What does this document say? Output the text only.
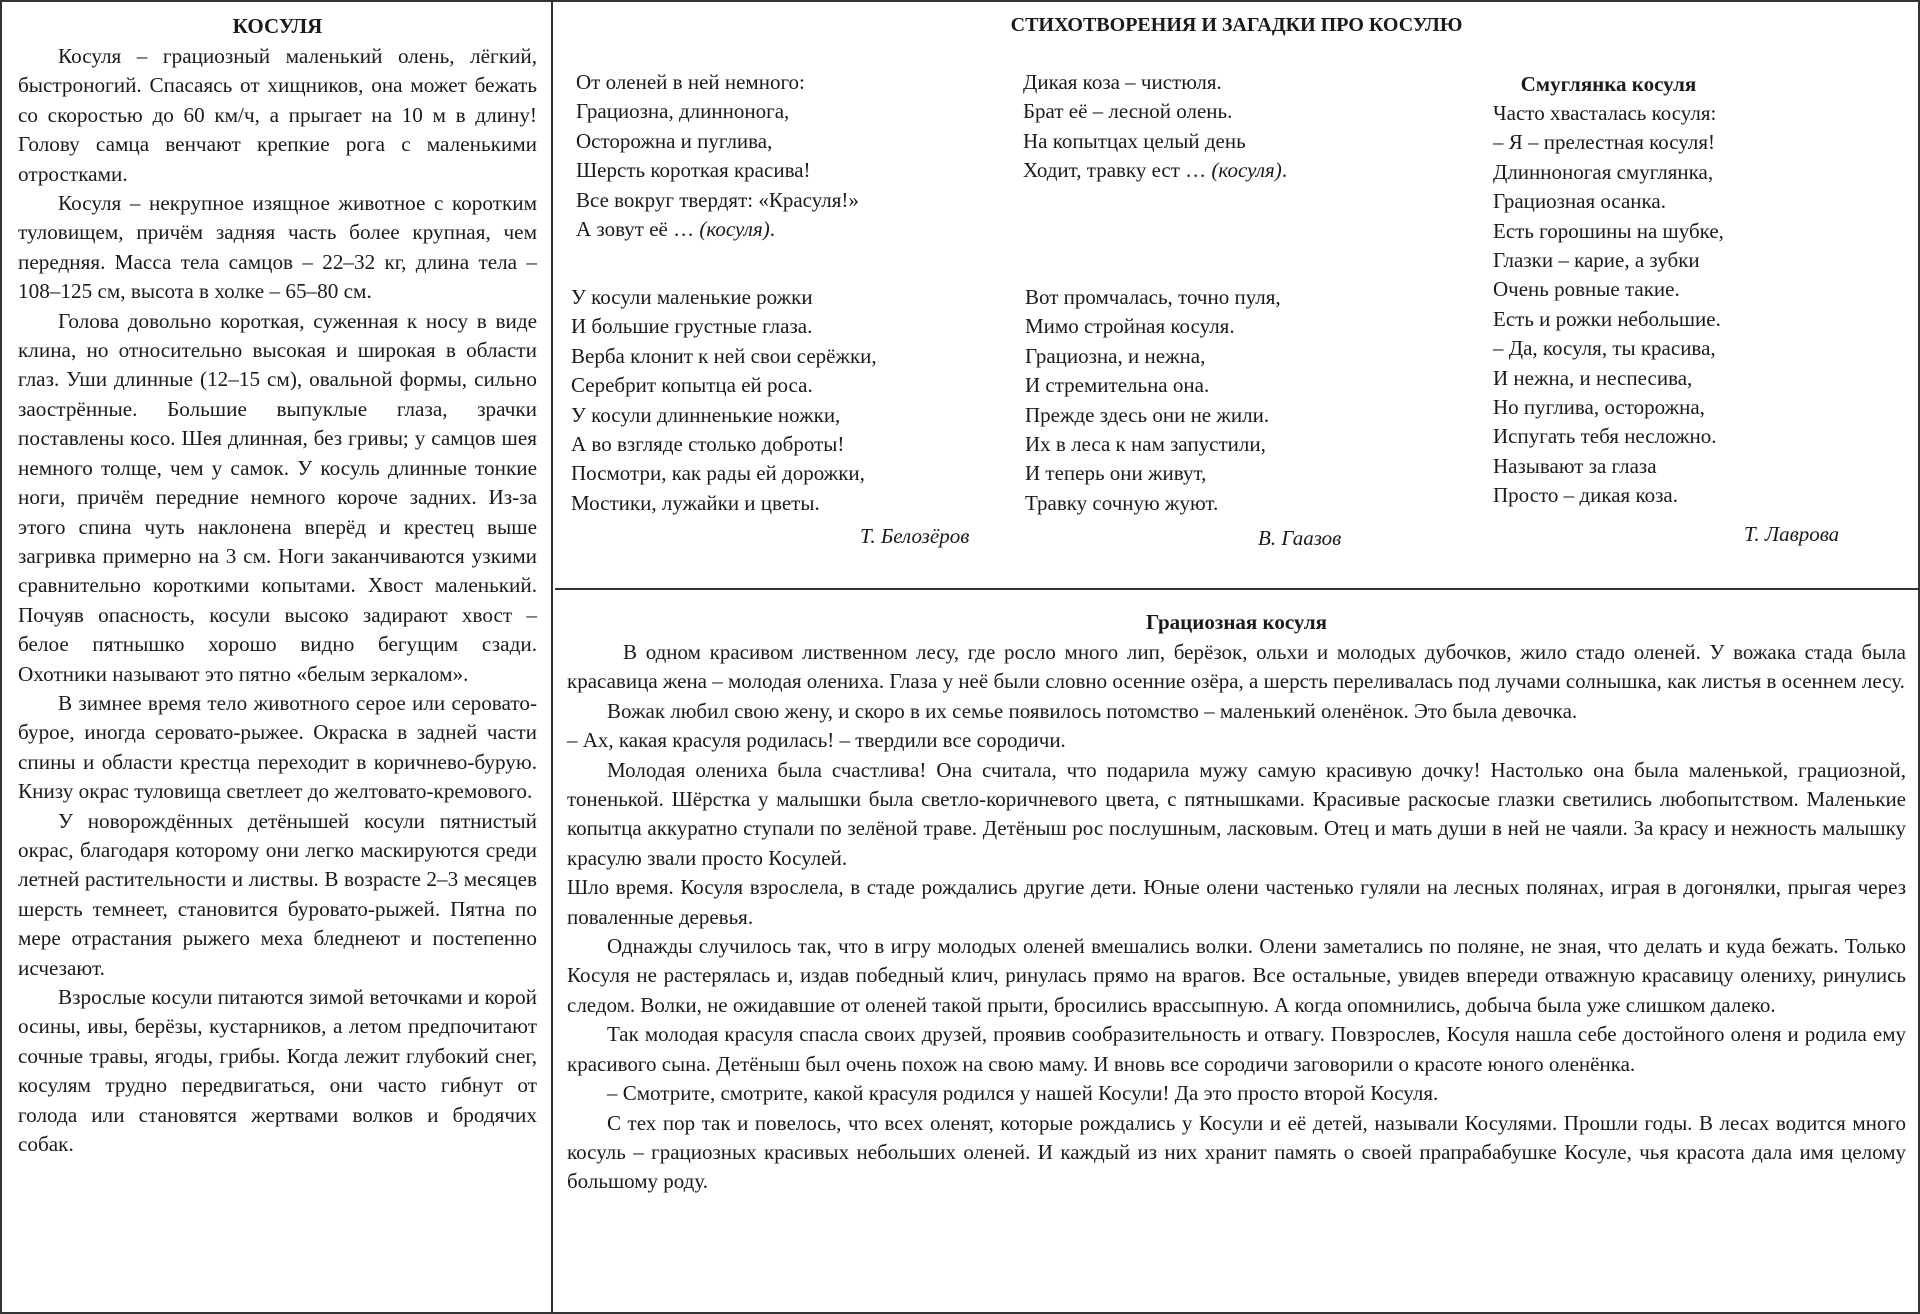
КОСУЛЯ

Косуля – грациозный маленький олень, лёгкий, быстроногий. Спасаясь от хищников, она может бежать со скоростью до 60 км/ч, а прыгает на 10 м в длину! Голову самца венчают крепкие рога с маленькими отростками.

Косуля – некрупное изящное животное с коротким туловищем, причём задняя часть более крупная, чем передняя. Масса тела самцов – 22–32 кг, длина тела – 108–125 см, высота в холке – 65–80 см.

Голова довольно короткая, суженная к носу в виде клина, но относительно высокая и широкая в области глаз. Уши длинные (12–15 см), овальной формы, сильно заострённые. Большие выпуклые глаза, зрачки поставлены косо. Шея длинная, без гривы; у самцов шея немного толще, чем у самок. У косуль длинные тонкие ноги, причём передние немного короче задних. Из-за этого спина чуть наклонена вперёд и крестец выше загривка примерно на 3 см. Ноги заканчиваются узкими сравнительно короткими копытами. Хвост маленький. Почуяв опасность, косули высоко задирают хвост – белое пятнышко хорошо видно бегущим сзади. Охотники называют это пятно «белым зеркалом».

В зимнее время тело животного серое или серовато-бурое, иногда серовато-рыжее. Окраска в задней части спины и области крестца переходит в коричнево-бурую. Книзу окрас туловища светлеет до желтовато-кремового.

У новорождённых детёнышей косули пятнистый окрас, благодаря которому они легко маскируются среди летней растительности и листвы. В возрасте 2–3 месяцев шерсть темнеет, становится буровато-рыжей. Пятна по мере отрастания рыжего меха бледнеют и постепенно исчезают.

Взрослые косули питаются зимой веточками и корой осины, ивы, берёзы, кустарников, а летом предпочитают сочные травы, ягоды, грибы. Когда лежит глубокий снег, косулям трудно передвигаться, они часто гибнут от голода или становятся жертвами волков и бродячих собак.

СТИХОТВОРЕНИЯ И ЗАГАДКИ ПРО КОСУЛЮ
От оленей в ней немного:
Грациозна, длинноногa,
Осторожна и пуглива,
Шерсть короткая красива!
Все вокруг твердят: «Красуля!»
А зовут её … (косуля).
Дикая коза – чистюля.
Брат её – лесной олень.
На копытцах целый день
Ходит, травку ест … (косуля).
У косули маленькие рожки
И большие грустные глаза.
Верба клонит к ней свои серёжки,
Серебрит копытца ей роса.
У косули длинненькие ножки,
А во взгляде столько доброты!
Посмотри, как рады ей дорожки,
Мостики, лужайки и цветы.
Т. Белозёров
Вот промчалась, точно пуля,
Мимо стройная косуля.
Грациозна, и нежна,
И стремительна она.
Прежде здесь они не жили.
Их в леса к нам запустили,
И теперь они живут,
Травку сочную жуют.
В. Гаазов
Смуглянка косуля
Часто хвасталась косуля:
– Я – прелестная косуля!
Длинноногая смуглянка,
Грациозная осанка.
Есть горошины на шубке,
Глазки – карие, а зубки
Очень ровные такие.
Есть и рожки небольшие.
– Да, косуля, ты красива,
И нежна, и неспесива,
Но пуглива, осторожна,
Испугать тебя несложно.
Называют за глаза
Просто – дикая коза.
Т. Лаврова
Грациозная косуля

В одном красивом лиственном лесу, где росло много лип, берёзок, ольхи и молодых дубочков, жило стадо оленей. У вожака стада была красавица жена – молодая олениха. Глаза у неё были словно осенние озёра, а шерсть переливалась под лучами солнышка, как листья в осеннем лесу.

Вожак любил свою жену, и скоро в их семье появилось потомство – маленький оленёнок. Это была девочка.

– Ах, какая красуля родилась! – твердили все сородичи.

Молодая олениха была счастлива! Она считала, что подарила мужу самую красивую дочку! Настолько она была маленькой, грациозной, тоненькой. Шёрстка у малышки была светло-коричневого цвета, с пятнышками. Красивые раскосые глазки светились любопытством. Маленькие копытца аккуратно ступали по зелёной траве. Детёныш рос послушным, ласковым. Отец и мать души в ней не чаяли. За красу и нежность малышку красулю звали просто Косулей.

Шло время. Косуля взрослела, в стаде рождались другие дети. Юные олени частенько гуляли на лесных полянах, играя в догонялки, прыгая через поваленные деревья.

Однажды случилось так, что в игру молодых оленей вмешались волки. Олени заметались по поляне, не зная, что делать и куда бежать. Только Косуля не растерялась и, издав победный клич, ринулась прямо на врагов. Все остальные, увидев впереди отважную красавицу олениху, ринулись следом. Волки, не ожидавшие от оленей такой прыти, бросились врассыпную. А когда опомнились, добыча была уже слишком далеко.

Так молодая красуля спасла своих друзей, проявив сообразительность и отвагу. Повзрослев, Косуля нашла себе достойного оленя и родила ему красивого сына. Детёныш был очень похож на свою маму. И вновь все сородичи заговорили о красоте юного оленёнка.

– Смотрите, смотрите, какой красуля родился у нашей Косули! Да это просто второй Косуля.

С тех пор так и повелось, что всех оленят, которые рождались у Косули и её детей, называли Косулями. Прошли годы. В лесах водится много косуль – грациозных красивых небольших оленей. И каждый из них хранит память о своей прапрабабушке Косуле, чья красота дала имя целому большому роду.
